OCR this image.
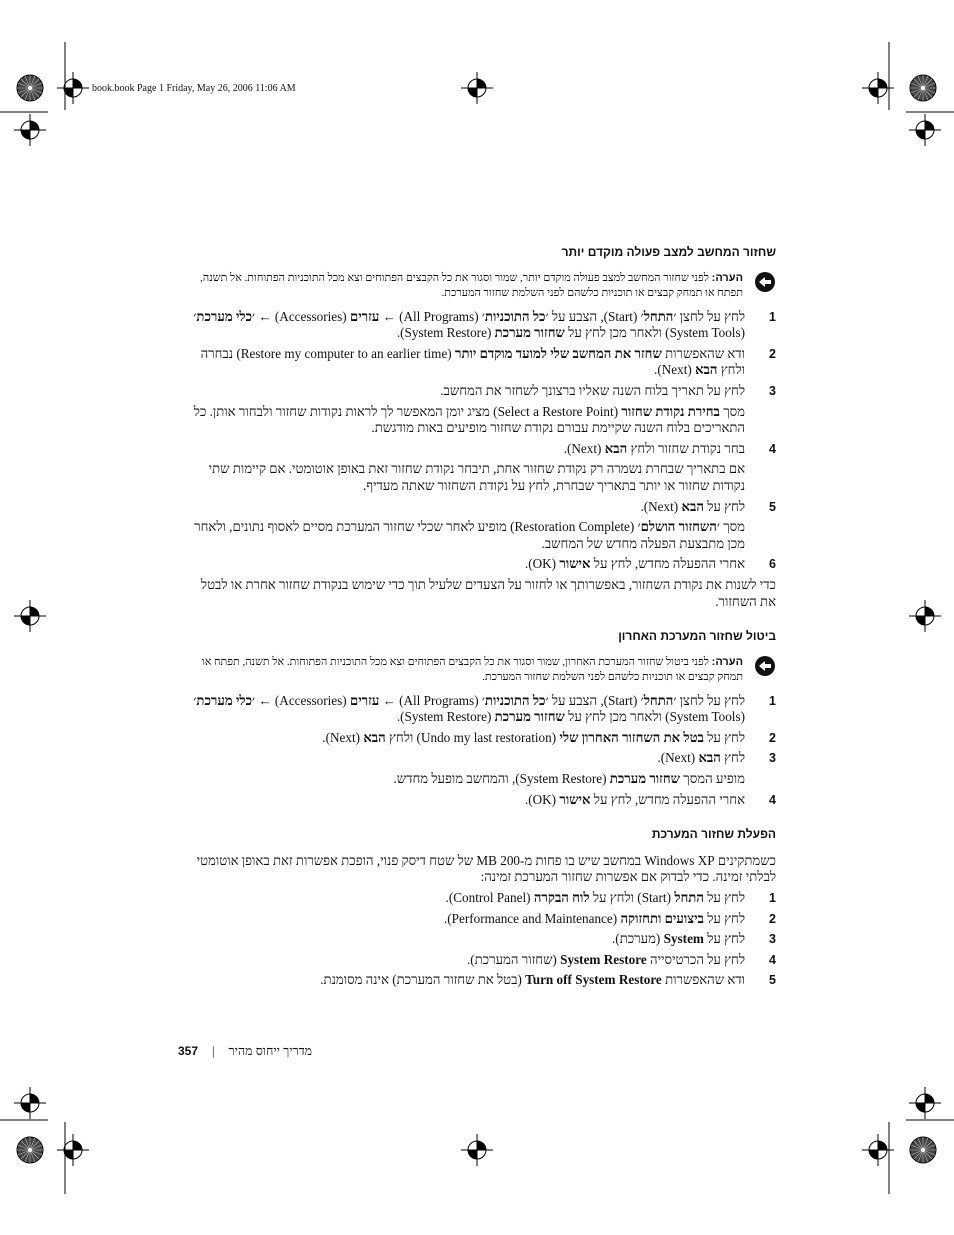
book.book Page 1 Friday, May 26, 2006 11:06 AM
שחזור המחשב למצב פעולה מוקדם יותר
הערה: לפני שחזור המחשב למצב פעולה מוקדם יותר, שמור וסגור את כל הקבצים הפתוחים וצא מכל התוכניות הפתוחות. אל תשנה, תפתח או תמחק קבצים או תוכניות כלשהם לפני השלמת שחזור המערכת.
1
לחץ על לחצן ׳התחל׳ (Start), הצבע על ׳כל התוכניות׳ (All Programs) ← עזרים (Accessories) ← ׳כלי מערכת׳ (System Tools) ולאחר מכן לחץ על שחזור מערכת (System Restore).
2
ודא שהאפשרות שחזר את המחשב שלי למועד מוקדם יותר (Restore my computer to an earlier time) נבחרה ולחץ הבא (Next).
3
לחץ על תאריך בלוח השנה שאליו ברצונך לשחזר את המחשב.
מסך בחירת נקודת שחזור (Select a Restore Point) מציג יומן המאפשר לך לראות נקודות שחזור ולבחור אותן. כל התאריכים בלוח השנה שקיימת עבורם נקודת שחזור מופיעים באות מודגשת.
4
בחר נקודת שחזור ולחץ הבא (Next).
אם בתאריך שבחרת נשמרה רק נקודת שחזור אחת, תיבחר נקודת שחזור זאת באופן אוטומטי. אם קיימות שתי נקודות שחזור או יותר בתאריך שבחרת, לחץ על נקודת השחזור שאתה מעדיף.
5
לחץ על הבא (Next).
מסך ׳השחזור הושלם׳ (Restoration Complete) מופיע לאחר שכלי שחזור המערכת מסיים לאסוף נתונים, ולאחר מכן מתבצעת הפעלה מחדש של המחשב.
6
אחרי ההפעלה מחדש, לחץ על אישור (OK).
כדי לשנות את נקודת השחזור, באפשרותך או לחזור על הצעדים שלעיל תוך כדי שימוש בנקודת שחזור אחרת או לבטל את השחזור.
ביטול שחזור המערכת האחרון
הערה: לפני ביטול שחזור המערכת האחרון, שמור וסגור את כל הקבצים הפתוחים וצא מכל התוכניות הפתוחות. אל תשנה, תפתח או תמחק קבצים או תוכניות כלשהם לפני השלמת שחזור המערכת.
1
לחץ על לחצן ׳התחל׳ (Start), הצבע על ׳כל התוכניות׳ (All Programs) ← עזרים (Accessories) ← ׳כלי מערכת׳ (System Tools) ולאחר מכן לחץ על שחזור מערכת (System Restore).
2
לחץ על בטל את השחזור האחרון שלי (Undo my last restoration) ולחץ הבא (Next).
3
לחץ הבא (Next).
מופיע המסך שחזור מערכת (System Restore), והמחשב מופעל מחדש.
4
אחרי ההפעלה מחדש, לחץ על אישור (OK).
הפעלת שחזור המערכת
כשמתקינים Windows XP במחשב שיש בו פחות מ-200 MB של שטח דיסק פנוי, הופכת אפשרות זאת באופן אוטומטי לבלתי זמינה. כדי לבדוק אם אפשרות שחזור המערכת זמינה:
1
לחץ על התחל (Start) ולחץ על לוח הבקרה (Control Panel).
2
לחץ על ביצועים ותחזוקה (Performance and Maintenance).
3
לחץ על System (מערכת).
4
לחץ על הכרטיסייה System Restore (שחזור המערכת).
5
ודא שהאפשרות Turn off System Restore (בטל את שחזור המערכת) אינה מסומנת.
מדריך ייחוס מהיר|357
